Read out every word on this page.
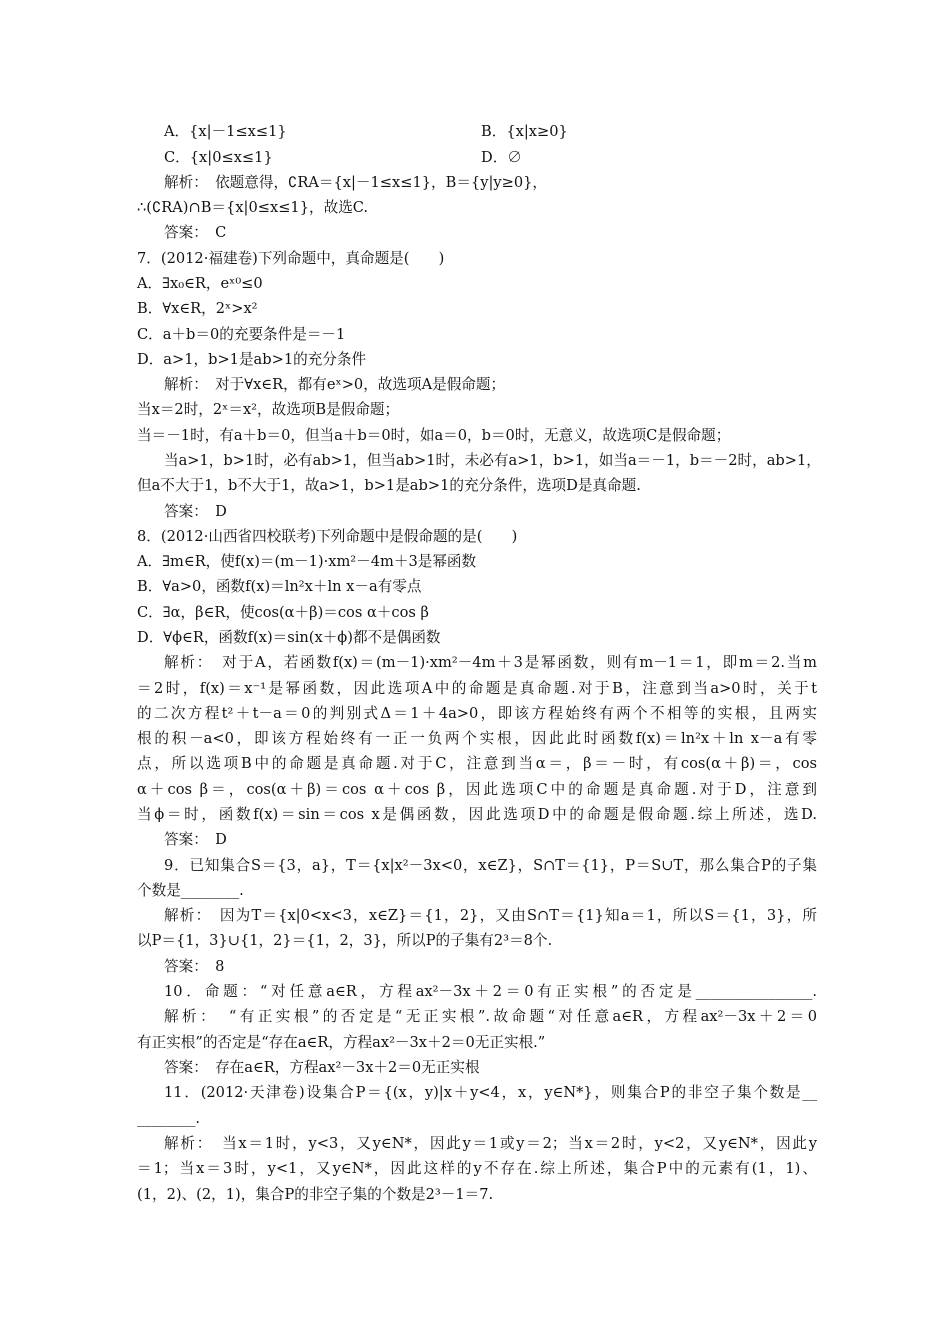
A．{x|－1≤x≤1}	B．{x|x≥0}
C．{x|0≤x≤1}	D．∅
解析：　依题意得，∁RA＝{x|－1≤x≤1}，B＝{y|y≥0}，
∴(∁RA)∩B＝{x|0≤x≤1}，故选C.
答案：　C
7．(2012·福建卷)下列命题中，真命题是(　　)
A．∃x₀∈R，eˣ⁰≤0
B．∀x∈R，2ˣ>x²
C．a＋b＝0的充要条件是＝－1
D．a>1，b>1是ab>1的充分条件
解析：　对于∀x∈R，都有eˣ>0，故选项A是假命题；
当x＝2时，2ˣ＝x²，故选项B是假命题；
当＝－1时，有a＋b＝0，但当a＋b＝0时，如a＝0，b＝0时，无意义，故选项C是假命题；
当a>1，b>1时，必有ab>1，但当ab>1时，未必有a>1，b>1，如当a＝－1，b＝－2时，ab>1，
但a不大于1，b不大于1，故a>1，b>1是ab>1的充分条件，选项D是真命题.
答案：　D
8．(2012·山西省四校联考)下列命题中是假命题的是(　　)
A．∃m∈R，使f(x)＝(m－1)·xm²－4m＋3是幂函数
B．∀a>0，函数f(x)＝ln²x＋ln x－a有零点
C．∃α，β∈R，使cos(α＋β)＝cos α＋cos β
D．∀ϕ∈R，函数f(x)＝sin(x＋ϕ)都不是偶函数
解析：　对于A，若函数f(x)＝(m－1)·xm²－4m＋3是幂函数，则有m－1＝1，即m＝2.当m
＝2时，f(x)＝x⁻¹是幂函数，因此选项A中的命题是真命题.对于B，注意到当a>0时，关于t
的二次方程t²＋t－a＝0的判别式Δ＝1＋4a>0，即该方程始终有两个不相等的实根，且两实
根的积－a<0，即该方程始终有一正一负两个实根，因此此时函数f(x)＝ln²x＋ln x－a有零
点，所以选项B中的命题是真命题.对于C，注意到当α＝，β＝－时，有cos(α＋β)＝，cos
α＋cos β＝，cos(α＋β)＝cos α＋cos β，因此选项C中的命题是真命题.对于D，注意到
当ϕ＝时，函数f(x)＝sin＝cos x是偶函数，因此选项D中的命题是假命题.综上所述，选D.
答案：　D
9．已知集合S＝{3，a}，T＝{x|x²－3x<0，x∈Z}，S∩T＝{1}，P＝S∪T，那么集合P的子集
个数是________.
解析：　因为T＝{x|0<x<3，x∈Z}＝{1，2}，又由S∩T＝{1}知a＝1，所以S＝{1，3}，所
以P＝{1，3}∪{1，2}＝{1，2，3}，所以P的子集有2³＝8个.
答案：　8
10．命题：“对任意a∈R，方程ax²－3x＋2＝0有正实根”的否定是________________.
解析：　“有正实根”的否定是“无正实根”.故命题“对任意a∈R，方程ax²－3x＋2＝0
有正实根”的否定是“存在a∈R，方程ax²－3x＋2＝0无正实根.”
答案：　存在a∈R，方程ax²－3x＋2＝0无正实根
11．(2012·天津卷)设集合P＝{(x，y)|x＋y<4，x，y∈N*}，则集合P的非空子集个数是__
________.
解析：　当x＝1时，y<3，又y∈N*，因此y＝1或y＝2；当x＝2时，y<2，又y∈N*，因此y
＝1；当x＝3时，y<1，又y∈N*，因此这样的y不存在.综上所述，集合P中的元素有(1，1)、
(1，2)、(2，1)，集合P的非空子集的个数是2³－1＝7.
